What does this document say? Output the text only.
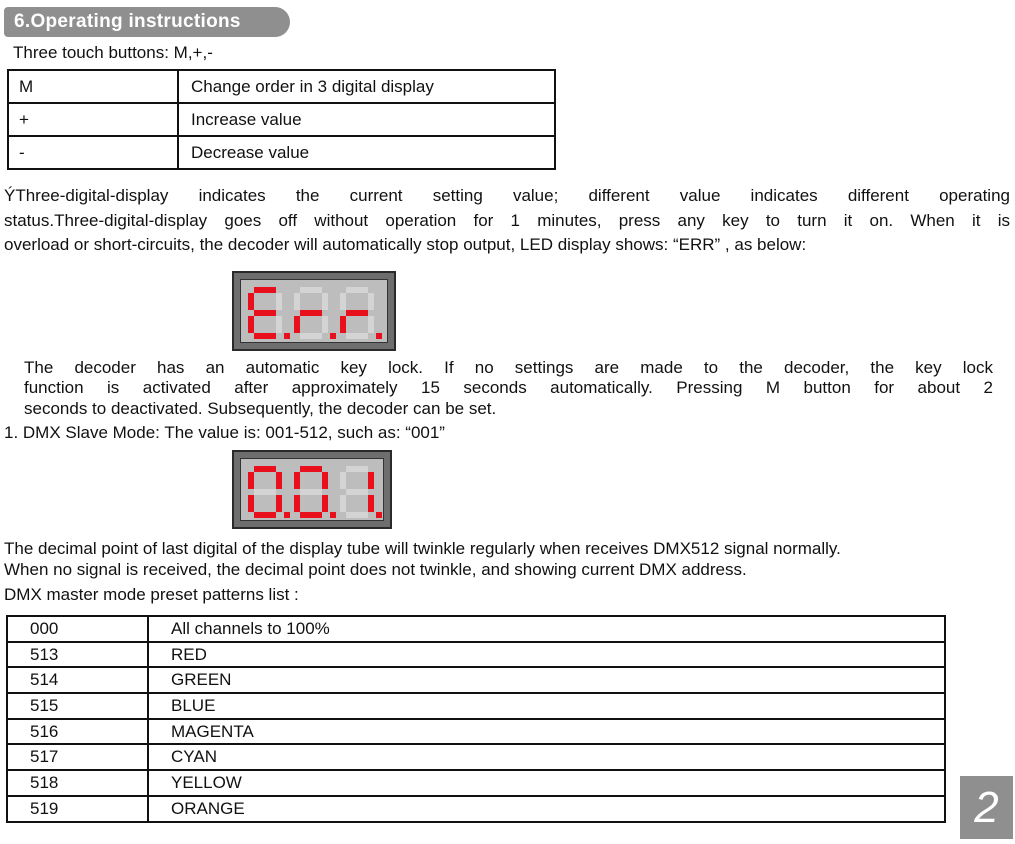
6.Operating instructions

Three touch buttons: M,+,-

M	Change order in 3 digital display
+	Increase value
-	Decrease value

ÝThree-digital-display indicates the current setting value; different value indicates different operating

status.Three-digital-display goes off without operation for 1 minutes, press any key to turn it on. When it is

overload or short-circuits, the decoder will automatically stop output, LED display shows: “ERR” , as below:

The decoder has an automatic key lock. If no settings are made to the decoder, the key lock

function is activated after approximately 15 seconds automatically. Pressing M button for about 2

seconds to deactivated. Subsequently, the decoder can be set.

1. DMX Slave Mode: The value is: 001-512, such as: “001”

The decimal point of last digital of the display tube will twinkle regularly when receives DMX512 signal normally.

When no signal is received, the decimal point does not twinkle, and showing current DMX address.

DMX master mode preset patterns list :

000	All channels to 100%
513	RED
514	GREEN
515	BLUE
516	MAGENTA
517	CYAN
518	YELLOW
519	ORANGE	2
